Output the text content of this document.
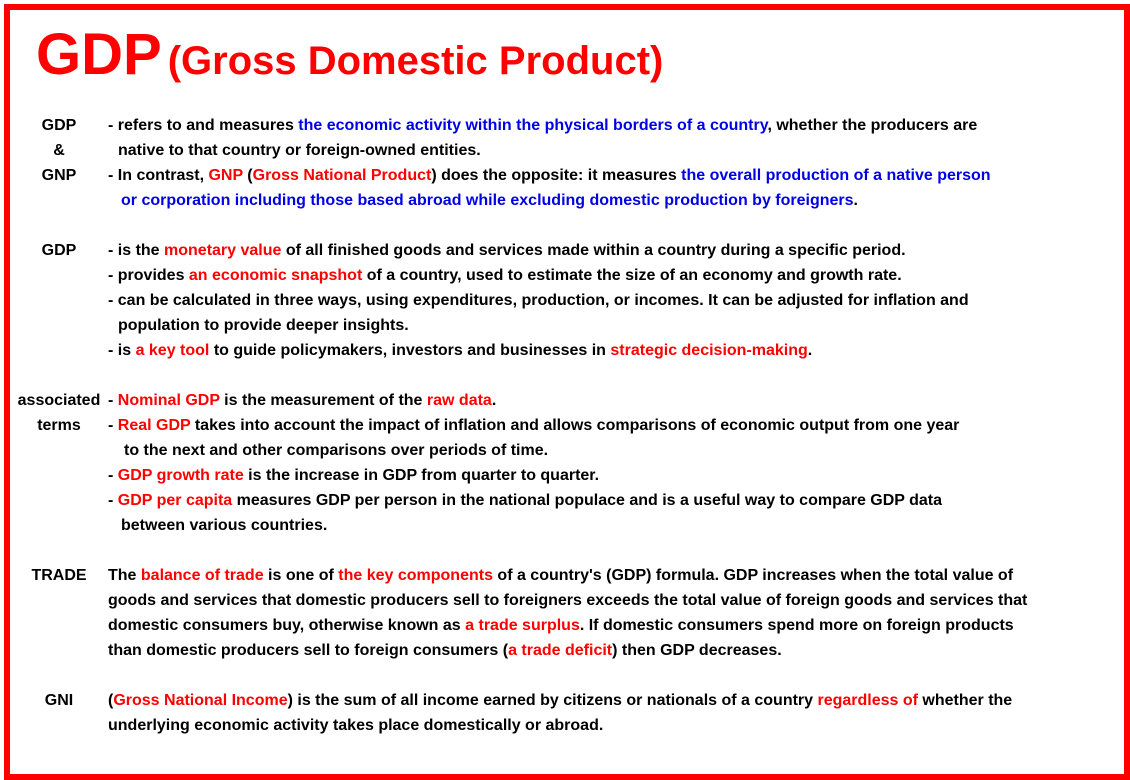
GDP (Gross Domestic Product)
GDP
&
GNP
GDP
associated
terms
TRADE
GNI
- refers to and measures the economic activity within the physical borders of a country, whether the producers are
native to that country or foreign-owned entities.
- In contrast, GNP (Gross National Product) does the opposite: it measures the overall production of a native person
or corporation including those based abroad while excluding domestic production by foreigners.
- is the monetary value of all finished goods and services made within a country during a specific period.
- provides an economic snapshot of a country, used to estimate the size of an economy and growth rate.
- can be calculated in three ways, using expenditures, production, or incomes. It can be adjusted for inflation and
population to provide deeper insights.
- is a key tool to guide policymakers, investors and businesses in strategic decision-making.
- Nominal GDP is the measurement of the raw data.
- Real GDP takes into account the impact of inflation and allows comparisons of economic output from one year
to the next and other comparisons over periods of time.
- GDP growth rate is the increase in GDP from quarter to quarter.
- GDP per capita measures GDP per person in the national populace and is a useful way to compare GDP data
between various countries.
The balance of trade is one of the key components of a country's (GDP) formula. GDP increases when the total value of
goods and services that domestic producers sell to foreigners exceeds the total value of foreign goods and services that
domestic consumers buy, otherwise known as a trade surplus. If domestic consumers spend more on foreign products
than domestic producers sell to foreign consumers (a trade deficit) then GDP decreases.
(Gross National Income) is the sum of all income earned by citizens or nationals of a country regardless of whether the
underlying economic activity takes place domestically or abroad.
